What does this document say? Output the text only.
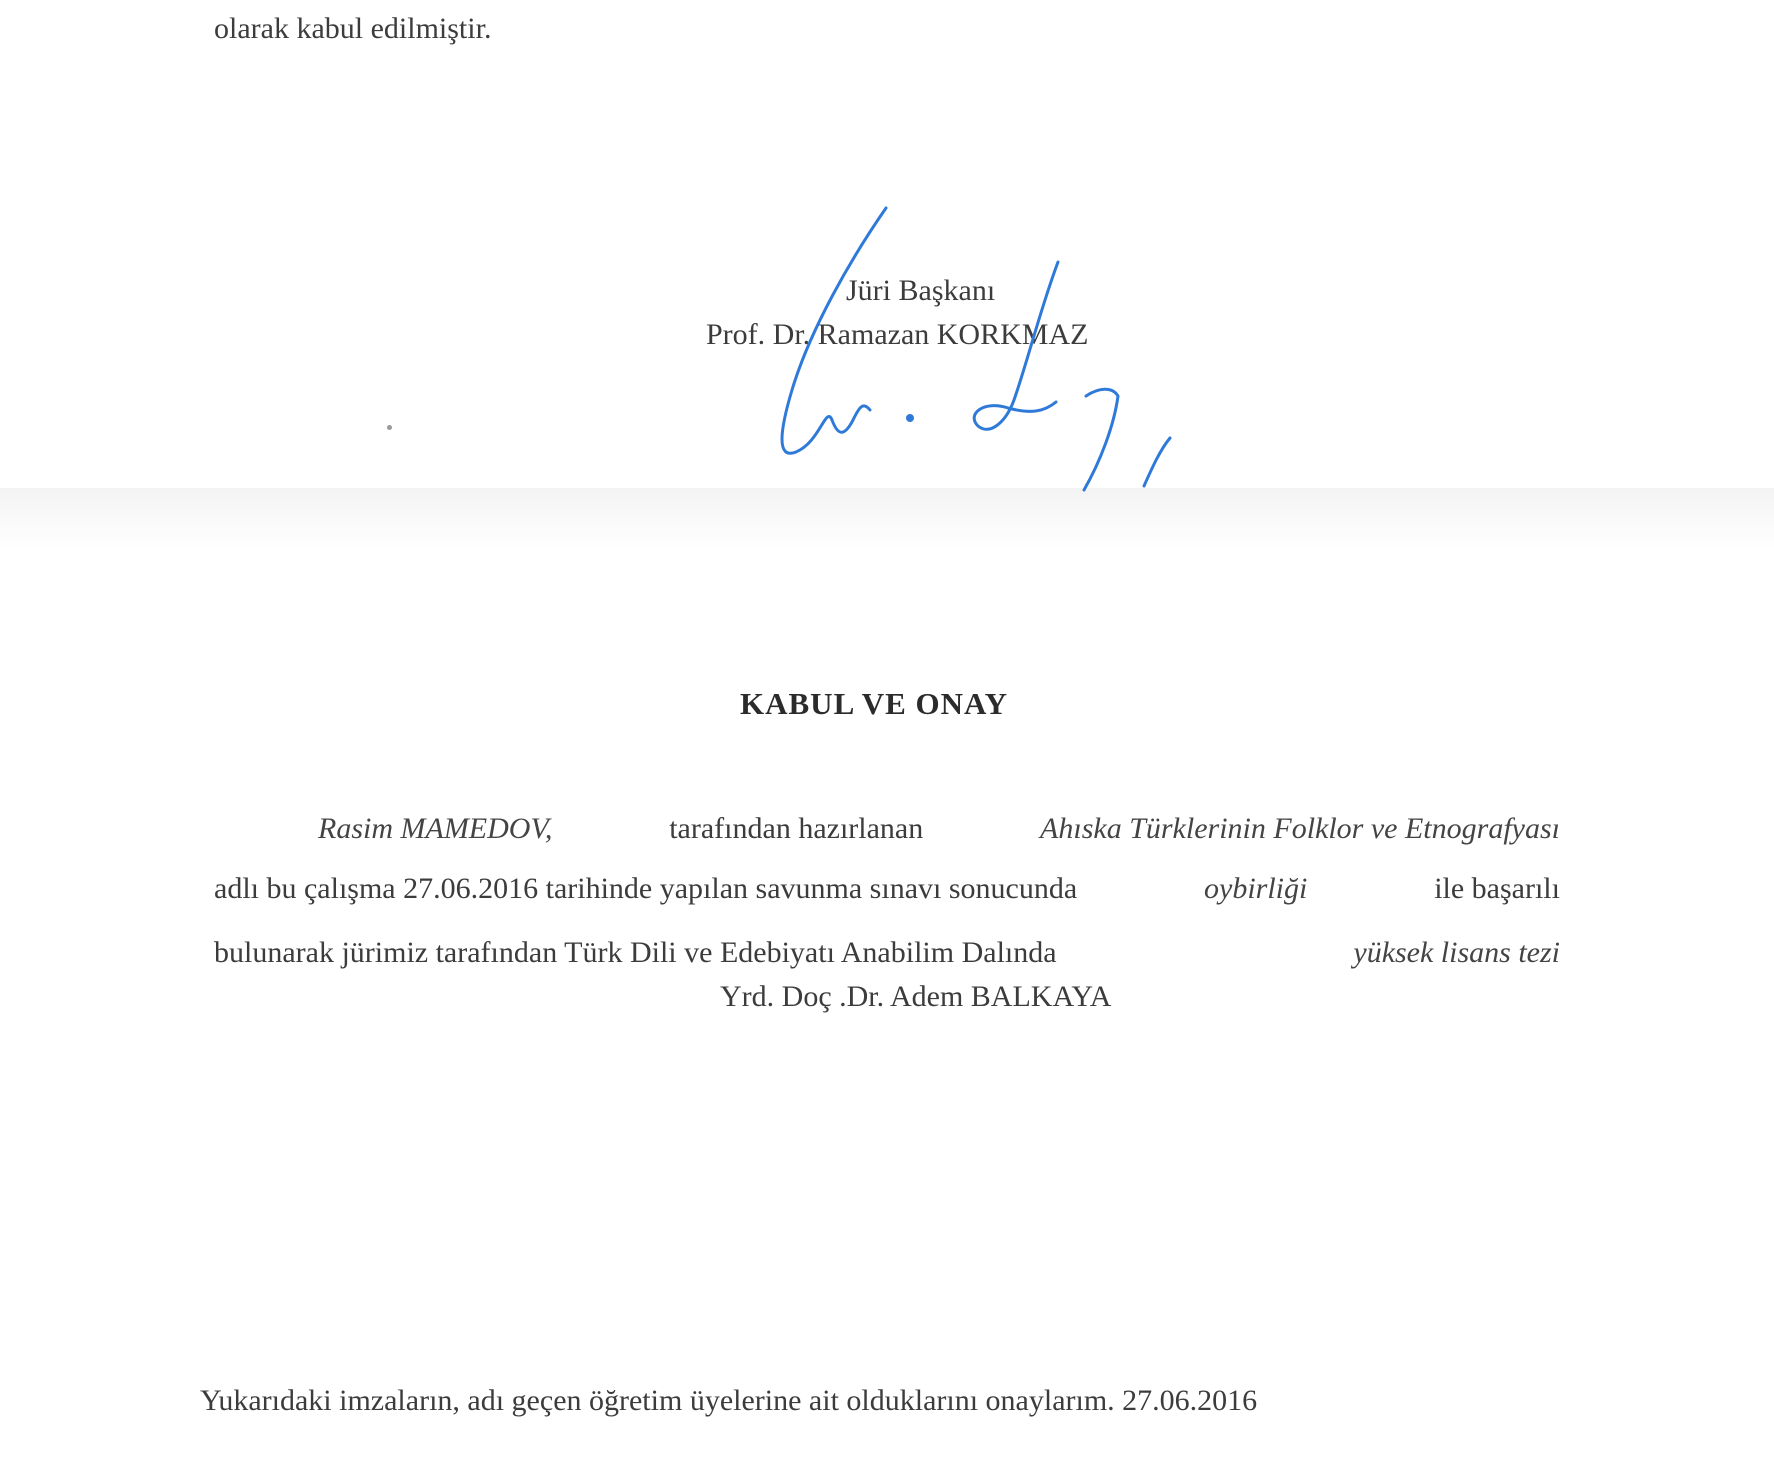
olarak kabul edilmiştir.
Jüri Başkanı
Prof. Dr. Ramazan KORKMAZ
KABUL VE ONAY
Rasim MAMEDOV,	tarafından hazırlanan	Ahıska Türklerinin Folklor ve Etnografyası
adlı bu çalışma 27.06.2016 tarihinde yapılan savunma sınavı sonucunda	oybirliği	ile başarılı
bulunarak jürimiz tarafından Türk Dili ve Edebiyatı Anabilim Dalında	yüksek lisans tezi
Yrd. Doç .Dr. Adem BALKAYA
Yukarıdaki imzaların, adı geçen öğretim üyelerine ait olduklarını onaylarım. 27.06.2016
